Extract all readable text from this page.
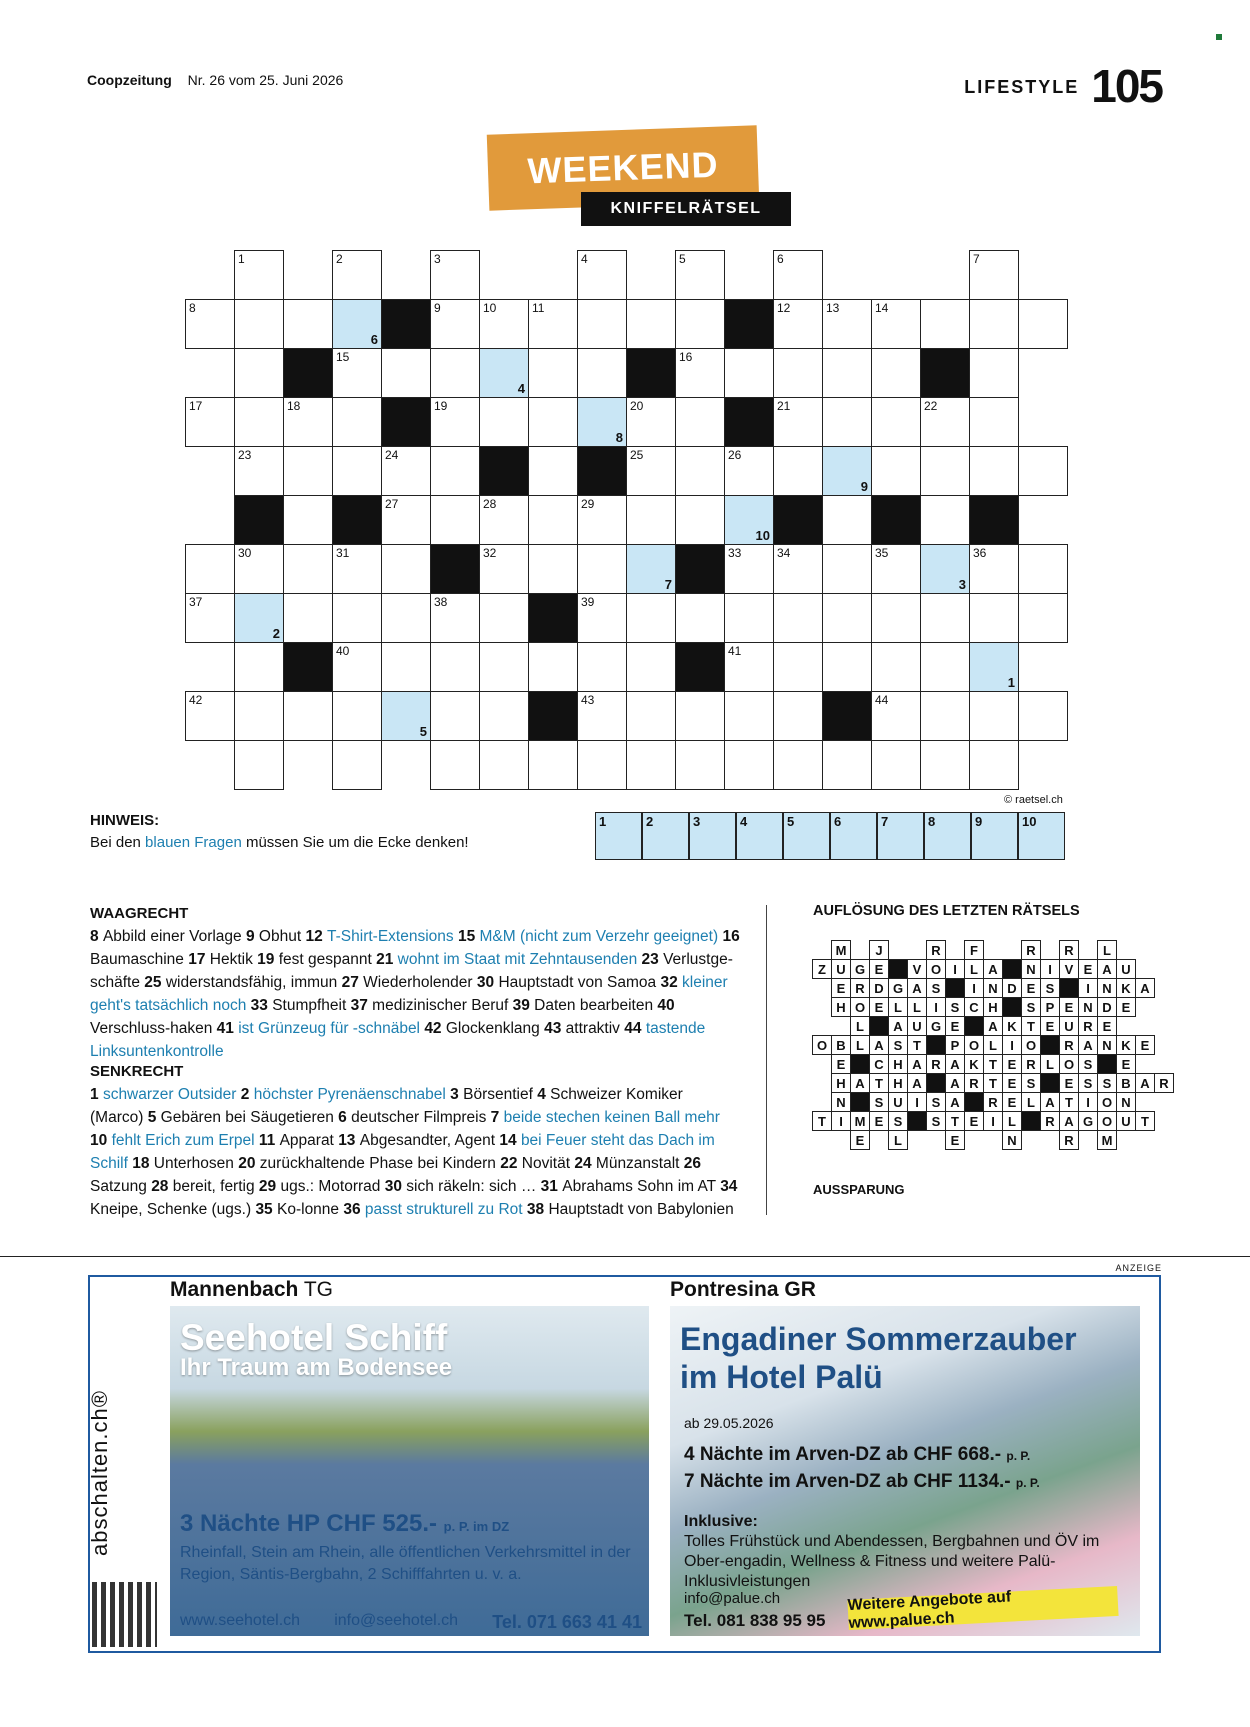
Coopzeitung Nr. 26 vom 25. Juni 2026	LIFESTYLE 105
WEEKEND
KNIFFELRÄTSEL
1	2	3	4	5	6	7
8
6
9	10	11	12	13	14
15
4
16
17	18	19
8
20	21	22
23	24	25	26
9
27	28	29
10
30	31	32
7
33	34	35
3
36
37
2
38	39
40	41
1
42
5
43	44
© raetsel.ch
HINWEIS:
Bei den blauen Fragen müssen Sie um die Ecke denken!
1	2	3	4	5	6	7	8	9	10
WAAGRECHT

8 Abbild einer Vorlage 9 Obhut 12 T-Shirt-Extensions 15 M&M (nicht zum Verzehr geeignet) 16 Baumaschine 17 Hektik 19 fest gespannt 21 wohnt im Staat mit Zehntausenden 23 Verlustge-schäfte 25 widerstandsfähig, immun 27 Wiederholender 30 Hauptstadt von Samoa 32 kleiner geht's tatsächlich noch 33 Stumpfheit 37 medizinischer Beruf 39 Daten bearbeiten 40 Verschluss-haken 41 ist Grünzeug für -schnäbel 42 Glockenklang 43 attraktiv 44 tastende Linksuntenkontrolle

SENKRECHT

1 schwarzer Outsider 2 höchster Pyrenäenschnabel 3 Börsentief 4 Schweizer Komiker (Marco) 5 Gebären bei Säugetieren 6 deutscher Filmpreis 7 beide stechen keinen Ball mehr 10 fehlt Erich zum Erpel 11 Apparat 13 Abgesandter, Agent 14 bei Feuer steht das Dach im Schilf 18 Unterhosen 20 zurückhaltende Phase bei Kindern 22 Novität 24 Münzanstalt 26 Satzung 28 bereit, fertig 29 ugs.: Motorrad 30 sich räkeln: sich … 31 Abrahams Sohn im AT 34 Kneipe, Schenke (ugs.) 35 Ko-lonne 36 passt strukturell zu Rot 38 Hauptstadt von Babylonien

AUFLÖSUNG DES LETZTEN RÄTSELS
M	J	R	F	R	R	L
Z U G E	V O I	L A	N I V E A U
E R D G A S	I N D E S	I N K A
H O E L L	I S C H	S P E N D E
L	A U G E	A K T E U R E
O B L A S T	P O L	I O	R A N K E
E	C H A R A K T E R L O S	E
H A T H A	A R T E S	E S S B A R
N	S U I S A	R E L A T	I O N
T	I M E S	S T E I	L	R A G O U T
E	L	E	N	R	M
AUSSPARUNG
ANZEIGE
abschalten.ch®
Mannenbach TG
Seehotel Schiff
Ihr Traum am Bodensee
3 Nächte HP CHF 525.- p. P. im DZ
Rheinfall, Stein am Rhein, alle öffentlichen Verkehrsmittel in der Region, Säntis-Bergbahn, 2 Schifffahrten u. v. a.
www.seehotel.ch info@seehotel.ch Tel. 071 663 41 41
Pontresina GR
Engadiner Sommerzauber
im Hotel Palü
ab 29.05.2026
4 Nächte im Arven-DZ ab CHF 668.- p. P.
7 Nächte im Arven-DZ ab CHF 1134.- p. P.
Inklusive:
Tolles Frühstück und Abendessen, Bergbahnen und ÖV im Ober-engadin, Wellness & Fitness und weitere Palü-Inklusivleistungen
info@palue.ch
Tel. 081 838 95 95
Weitere Angebote auf www.palue.ch
